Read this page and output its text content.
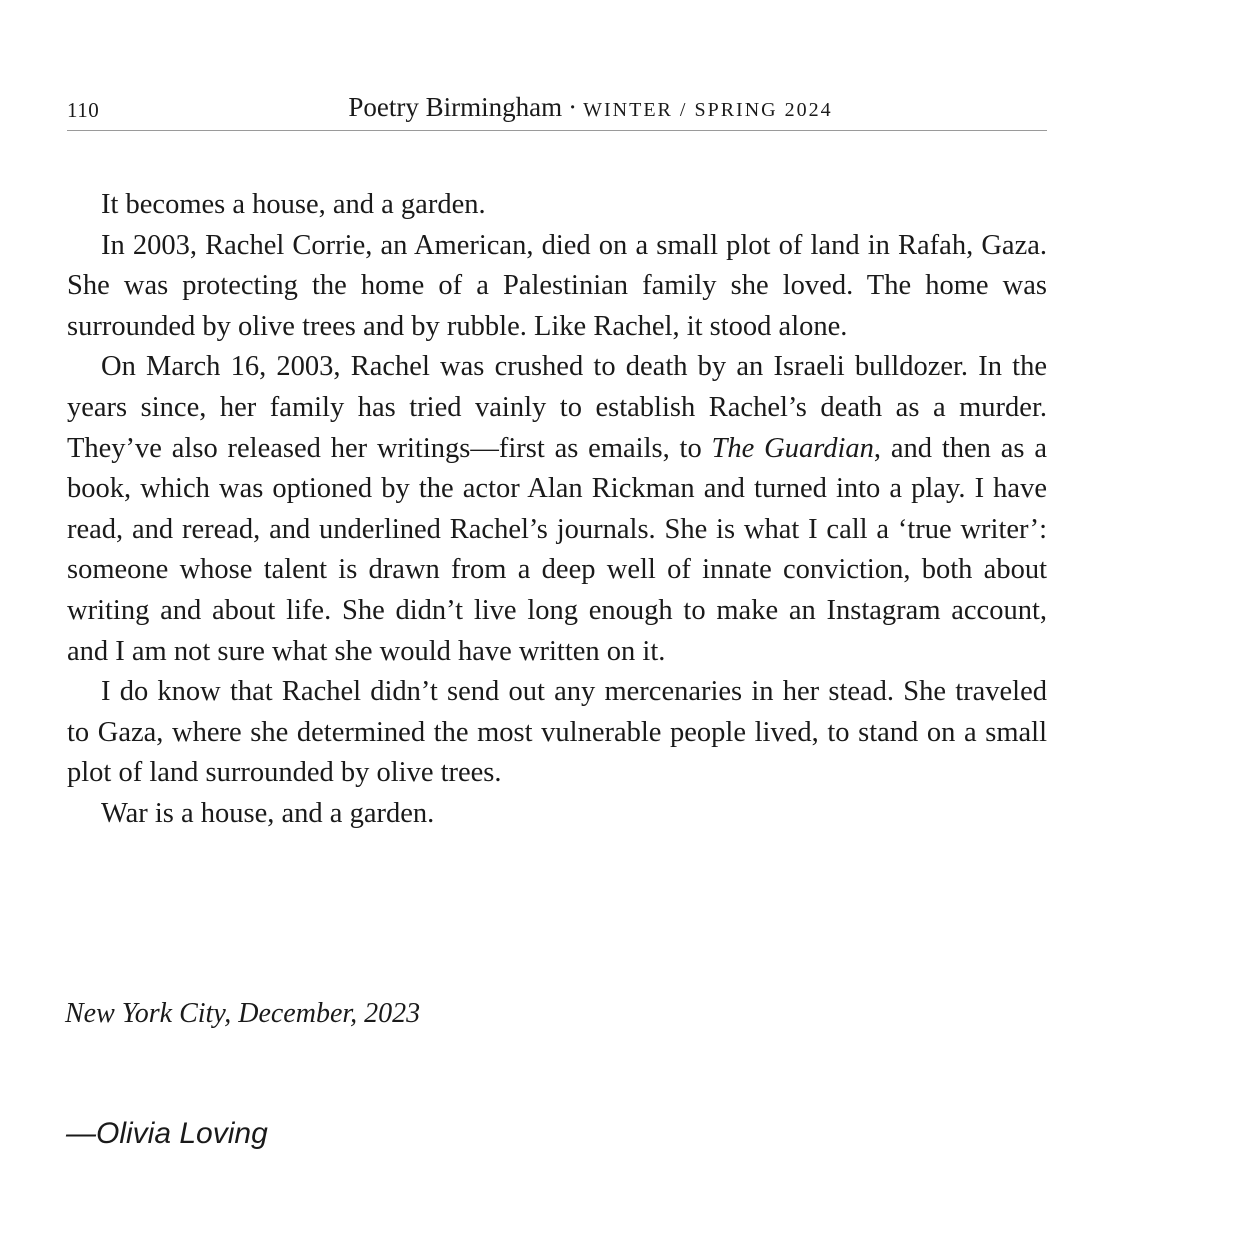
110	Poetry Birmingham · WINTER / SPRING 2024

It becomes a house, and a garden.

In 2003, Rachel Corrie, an American, died on a small plot of land in Rafah, Gaza. She was protecting the home of a Palestinian family she loved. The home was surrounded by olive trees and by rubble. Like Rachel, it stood alone.

On March 16, 2003, Rachel was crushed to death by an Israeli bulldozer. In the years since, her family has tried vainly to establish Rachel’s death as a murder. They’ve also released her writings—first as emails, to The Guardian, and then as a book, which was optioned by the actor Alan Rickman and turned into a play. I have read, and reread, and underlined Rachel’s journals. She is what I call a ‘true writer’: someone whose talent is drawn from a deep well of innate conviction, both about writing and about life. She didn’t live long enough to make an Instagram account, and I am not sure what she would have written on it.

I do know that Rachel didn’t send out any mercenaries in her stead. She traveled to Gaza, where she determined the most vulnerable people lived, to stand on a small plot of land surrounded by olive trees.

War is a house, and a garden.

New York City, December, 2023
—Olivia Loving
